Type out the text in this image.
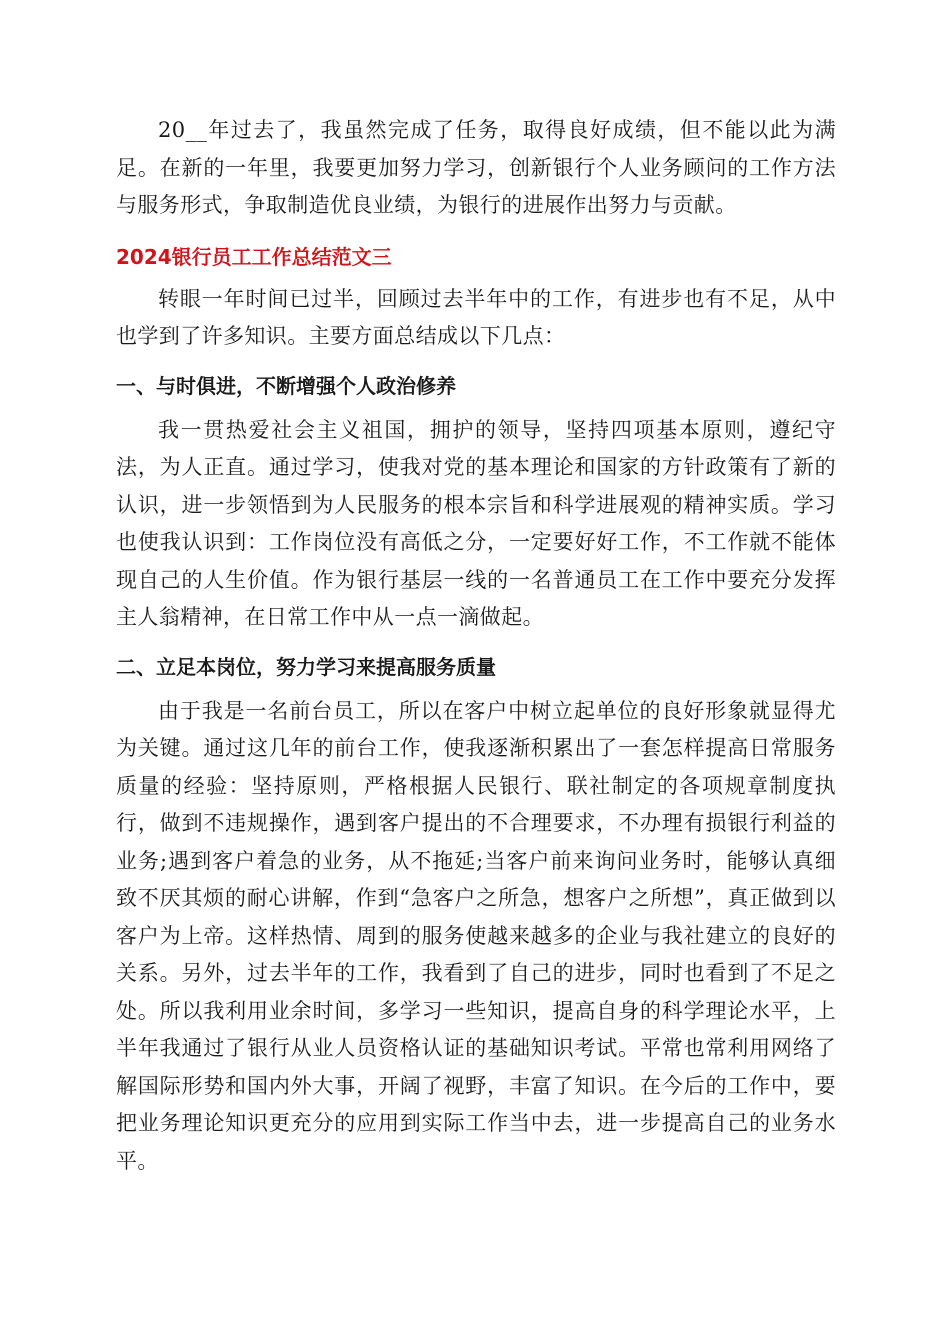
20__年过去了，我虽然完成了任务，取得良好成绩，但不能以此为满足。在新的一年里，我要更加努力学习，创新银行个人业务顾问的工作方法与服务形式，争取制造优良业绩，为银行的进展作出努力与贡献。

2024银行员工工作总结范文三

转眼一年时间已过半，回顾过去半年中的工作，有进步也有不足，从中也学到了许多知识。主要方面总结成以下几点：

一、与时俱进，不断增强个人政治修养

我一贯热爱社会主义祖国，拥护的领导，坚持四项基本原则，遵纪守法，为人正直。通过学习，使我对党的基本理论和国家的方针政策有了新的认识，进一步领悟到为人民服务的根本宗旨和科学进展观的精神实质。学习也使我认识到：工作岗位没有高低之分，一定要好好工作，不工作就不能体现自己的人生价值。作为银行基层一线的一名普通员工在工作中要充分发挥主人翁精神，在日常工作中从一点一滴做起。

二、立足本岗位，努力学习来提高服务质量

由于我是一名前台员工，所以在客户中树立起单位的良好形象就显得尤为关键。通过这几年的前台工作，使我逐渐积累出了一套怎样提高日常服务质量的经验：坚持原则，严格根据人民银行、联社制定的各项规章制度执行，做到不违规操作，遇到客户提出的不合理要求，不办理有损银行利益的业务;遇到客户着急的业务，从不拖延;当客户前来询问业务时，能够认真细致不厌其烦的耐心讲解，作到“急客户之所急，想客户之所想”，真正做到以客户为上帝。这样热情、周到的服务使越来越多的企业与我社建立的良好的关系。另外，过去半年的工作，我看到了自己的进步，同时也看到了不足之处。所以我利用业余时间，多学习一些知识，提高自身的科学理论水平，上半年我通过了银行从业人员资格认证的基础知识考试。平常也常利用网络了解国际形势和国内外大事，开阔了视野，丰富了知识。在今后的工作中，要把业务理论知识更充分的应用到实际工作当中去，进一步提高自己的业务水平。
